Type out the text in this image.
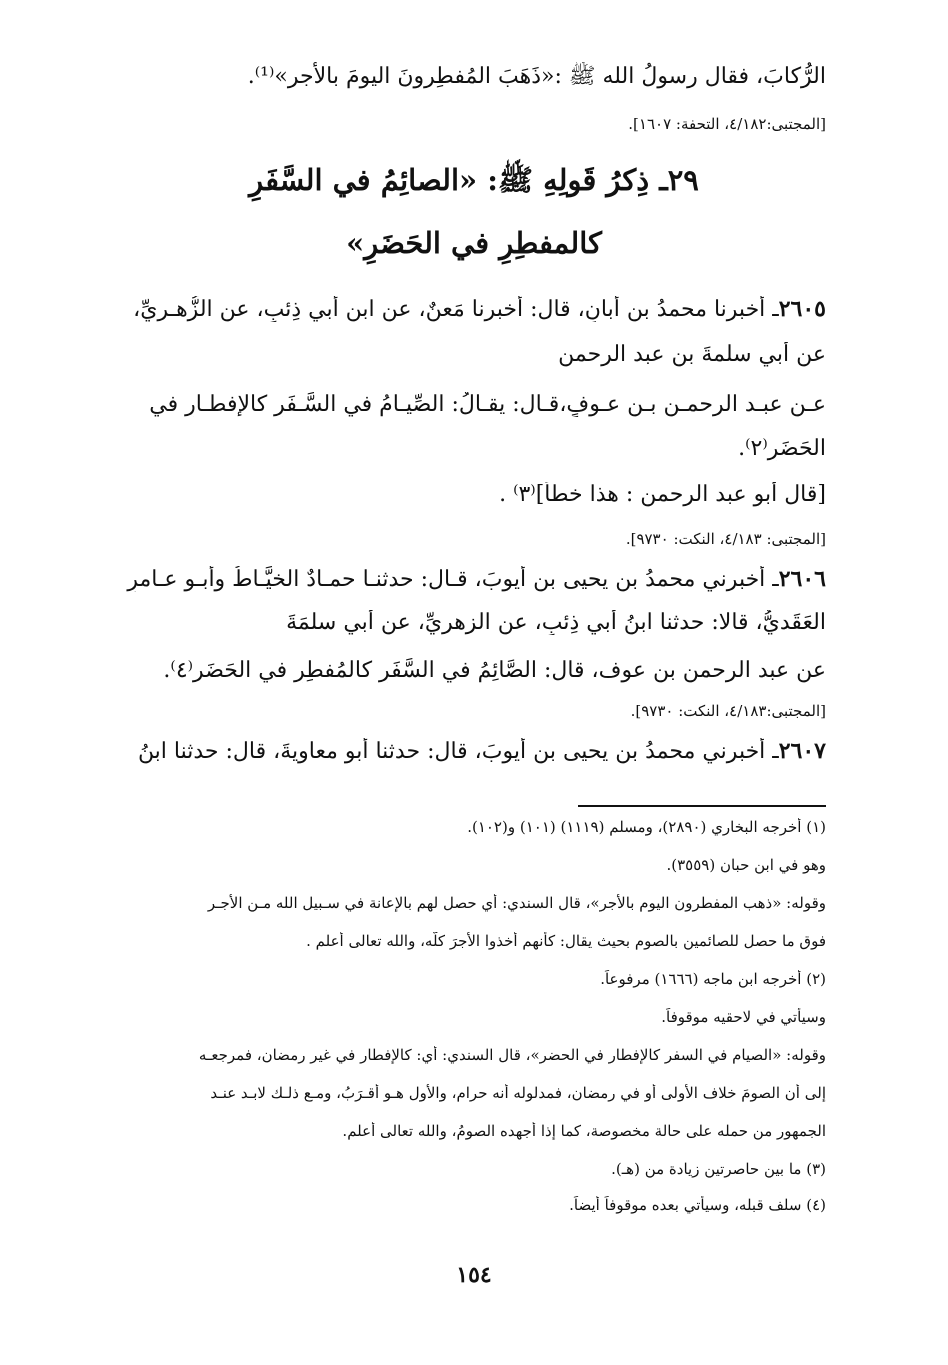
الرُّكابَ، فقال رسولُ الله ﷺ :«ذَهَبَ المُفطِرونَ اليومَ بالأَجر»⁽¹⁾.
[المجتبى:٤/١٨٢، التحفة: ١٦٠٧].
٢٩ـ ذِكرُ قَولِهِ ﷺ: «الصائِمُ في السَّفَرِ
كالمفطِرِ في الحَضَرِ»
٢٦٠٥ـ أخبرنا محمدُ بن أبانٍ، قال: أخبرنا مَعنٌ، عن ابن أبي ذِئبٍ، عن الزُّهـريِّ،
عن أبي سلمةَ بن عبد الرحمن
عـن عبـد الرحمـن بـن عـوفٍ،قـال: يقـالُ: الصِّيـامُ في السَّـفَرِ كالإفطـارِ في
الحَضَرِ⁽٢⁾.
[قال أبو عبد الرحمن : هذا خطأٌ]⁽٣⁾ .
[المجتبى: ٤/١٨٣، النكت: ٩٧٣٠].
٢٦٠٦ـ أخبرني محمدُ بن يحيى بن أيوبَ، قـال: حدثنـا حمـادٌ الخيَّـاطُ وأبـو عـامرٍ
العَقَديُّ، قالا: حدثنا ابنُ أبي ذِئبٍ، عن الزهريِّ، عن أبي سلمَةَ
عن عبد الرحمن بن عوف، قال: الصَّائِمُ في السَّفَرِ كالمُفطِرِ في الحَضَر⁽٤⁾.
[المجتبى:٤/١٨٣، النكت: ٩٧٣٠].
٢٦٠٧ـ أخبرني محمدُ بن يحيى بن أيوبَ، قال: حدثنا أبو معاويةَ، قال: حدثنا ابنُ
(١) أخرجه البخاري (٢٨٩٠)، ومسلم (١١١٩) (١٠١) و(١٠٢).
وهو في ابن حبان (٣٥٥٩).
وقوله: «ذهب المفطرون اليوم بالأجر»، قال السندي: أي حصل لهم بالإعانة في سـبيل الله مـن الأجـر
فوق ما حصل للصائمين بالصوم بحيث يقال: كأنهم أخذوا الأجرَ كلَّه، والله تعالى أعلم .
(٢) أخرجه ابن ماجه (١٦٦٦) مرفوعاً.
وسيأتي في لاحقيه موقوفاً.
وقوله: «الصيام في السفر كالإفطار في الحضر»، قال السندي: أي: كالإفطار في غير رمضان، فمرجعـه
إلى أن الصومَ خلاف الأولى أو في رمضان، فمدلوله أنه حرام، والأول هـو أقـرَبُ، ومـع ذلـك لابـد عنـد
الجمهور من حمله على حالة مخصوصة، كما إذا أجهده الصومُ، والله تعالى أعلم.
(٣) ما بين حاصرتين زيادة من (هـ).
(٤) سلف قبله، وسيأتي بعده موقوفاً أيضاً.
١٥٤
